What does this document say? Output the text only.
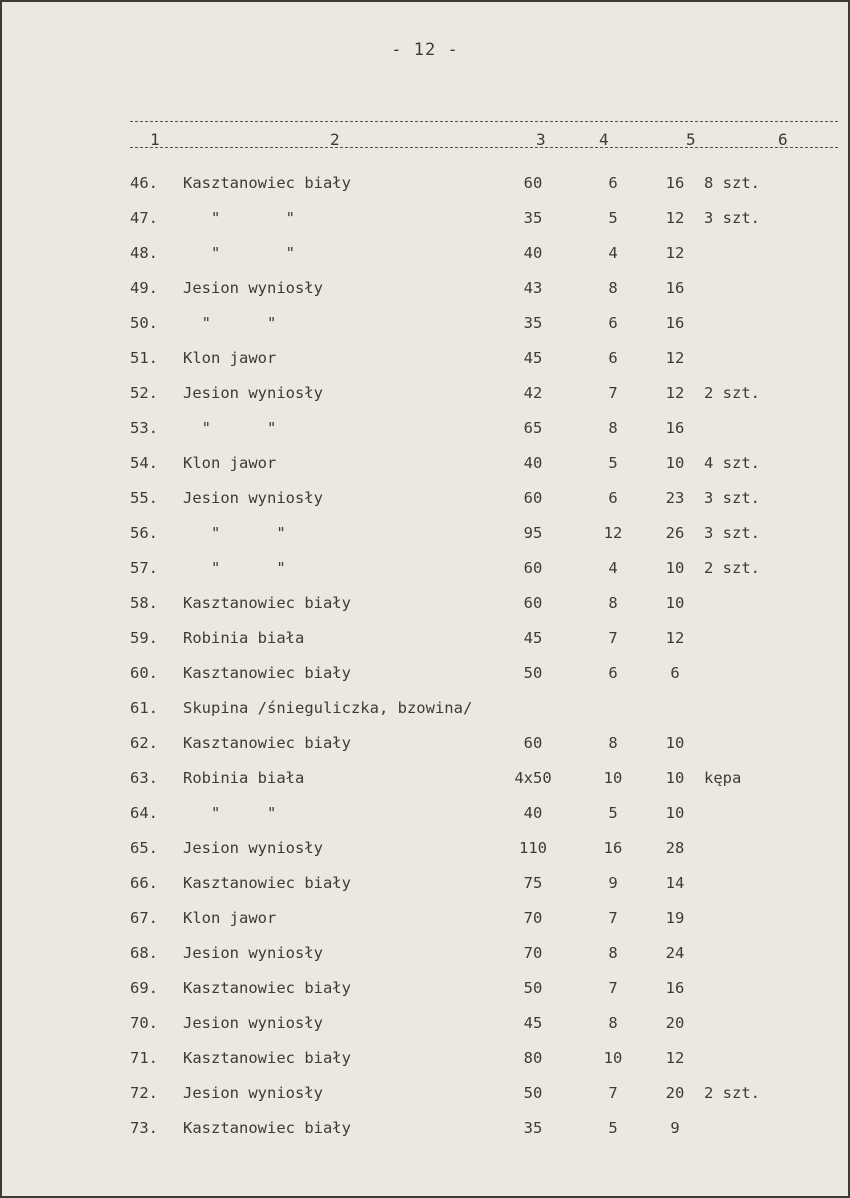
- 12 -
1	2	3	4	5	6
46. Kasztanowiec biały	60	6	16	8 szt.
47. "       "	35	5	12	3 szt.
48. "       "	40	4	12
49. Jesion wyniosły	43	8	16
50. "      "	35	6	16
51. Klon jawor	45	6	12
52. Jesion wyniosły	42	7	12	2 szt.
53. "      "	65	8	16
54. Klon jawor	40	5	10	4 szt.
55. Jesion wyniosły	60	6	23	3 szt.
56. "      "	95	12	26	3 szt.
57. "      "	60	4	10	2 szt.
58. Kasztanowiec biały	60	8	10
59. Robinia biała	45	7	12
60. Kasztanowiec biały	50	6	6
61. Skupina /śnieguliczka, bzowina/
62. Kasztanowiec biały	60	8	10
63. Robinia biała	4x50	10	10	kępa
64. "     "	40	5	10
65. Jesion wyniosły	110	16	28
66. Kasztanowiec biały	75	9	14
67. Klon jawor	70	7	19
68. Jesion wyniosły	70	8	24
69. Kasztanowiec biały	50	7	16
70. Jesion wyniosły	45	8	20
71. Kasztanowiec biały	80	10	12
72. Jesion wyniosły	50	7	20	2 szt.
73. Kasztanowiec biały	35	5	9
